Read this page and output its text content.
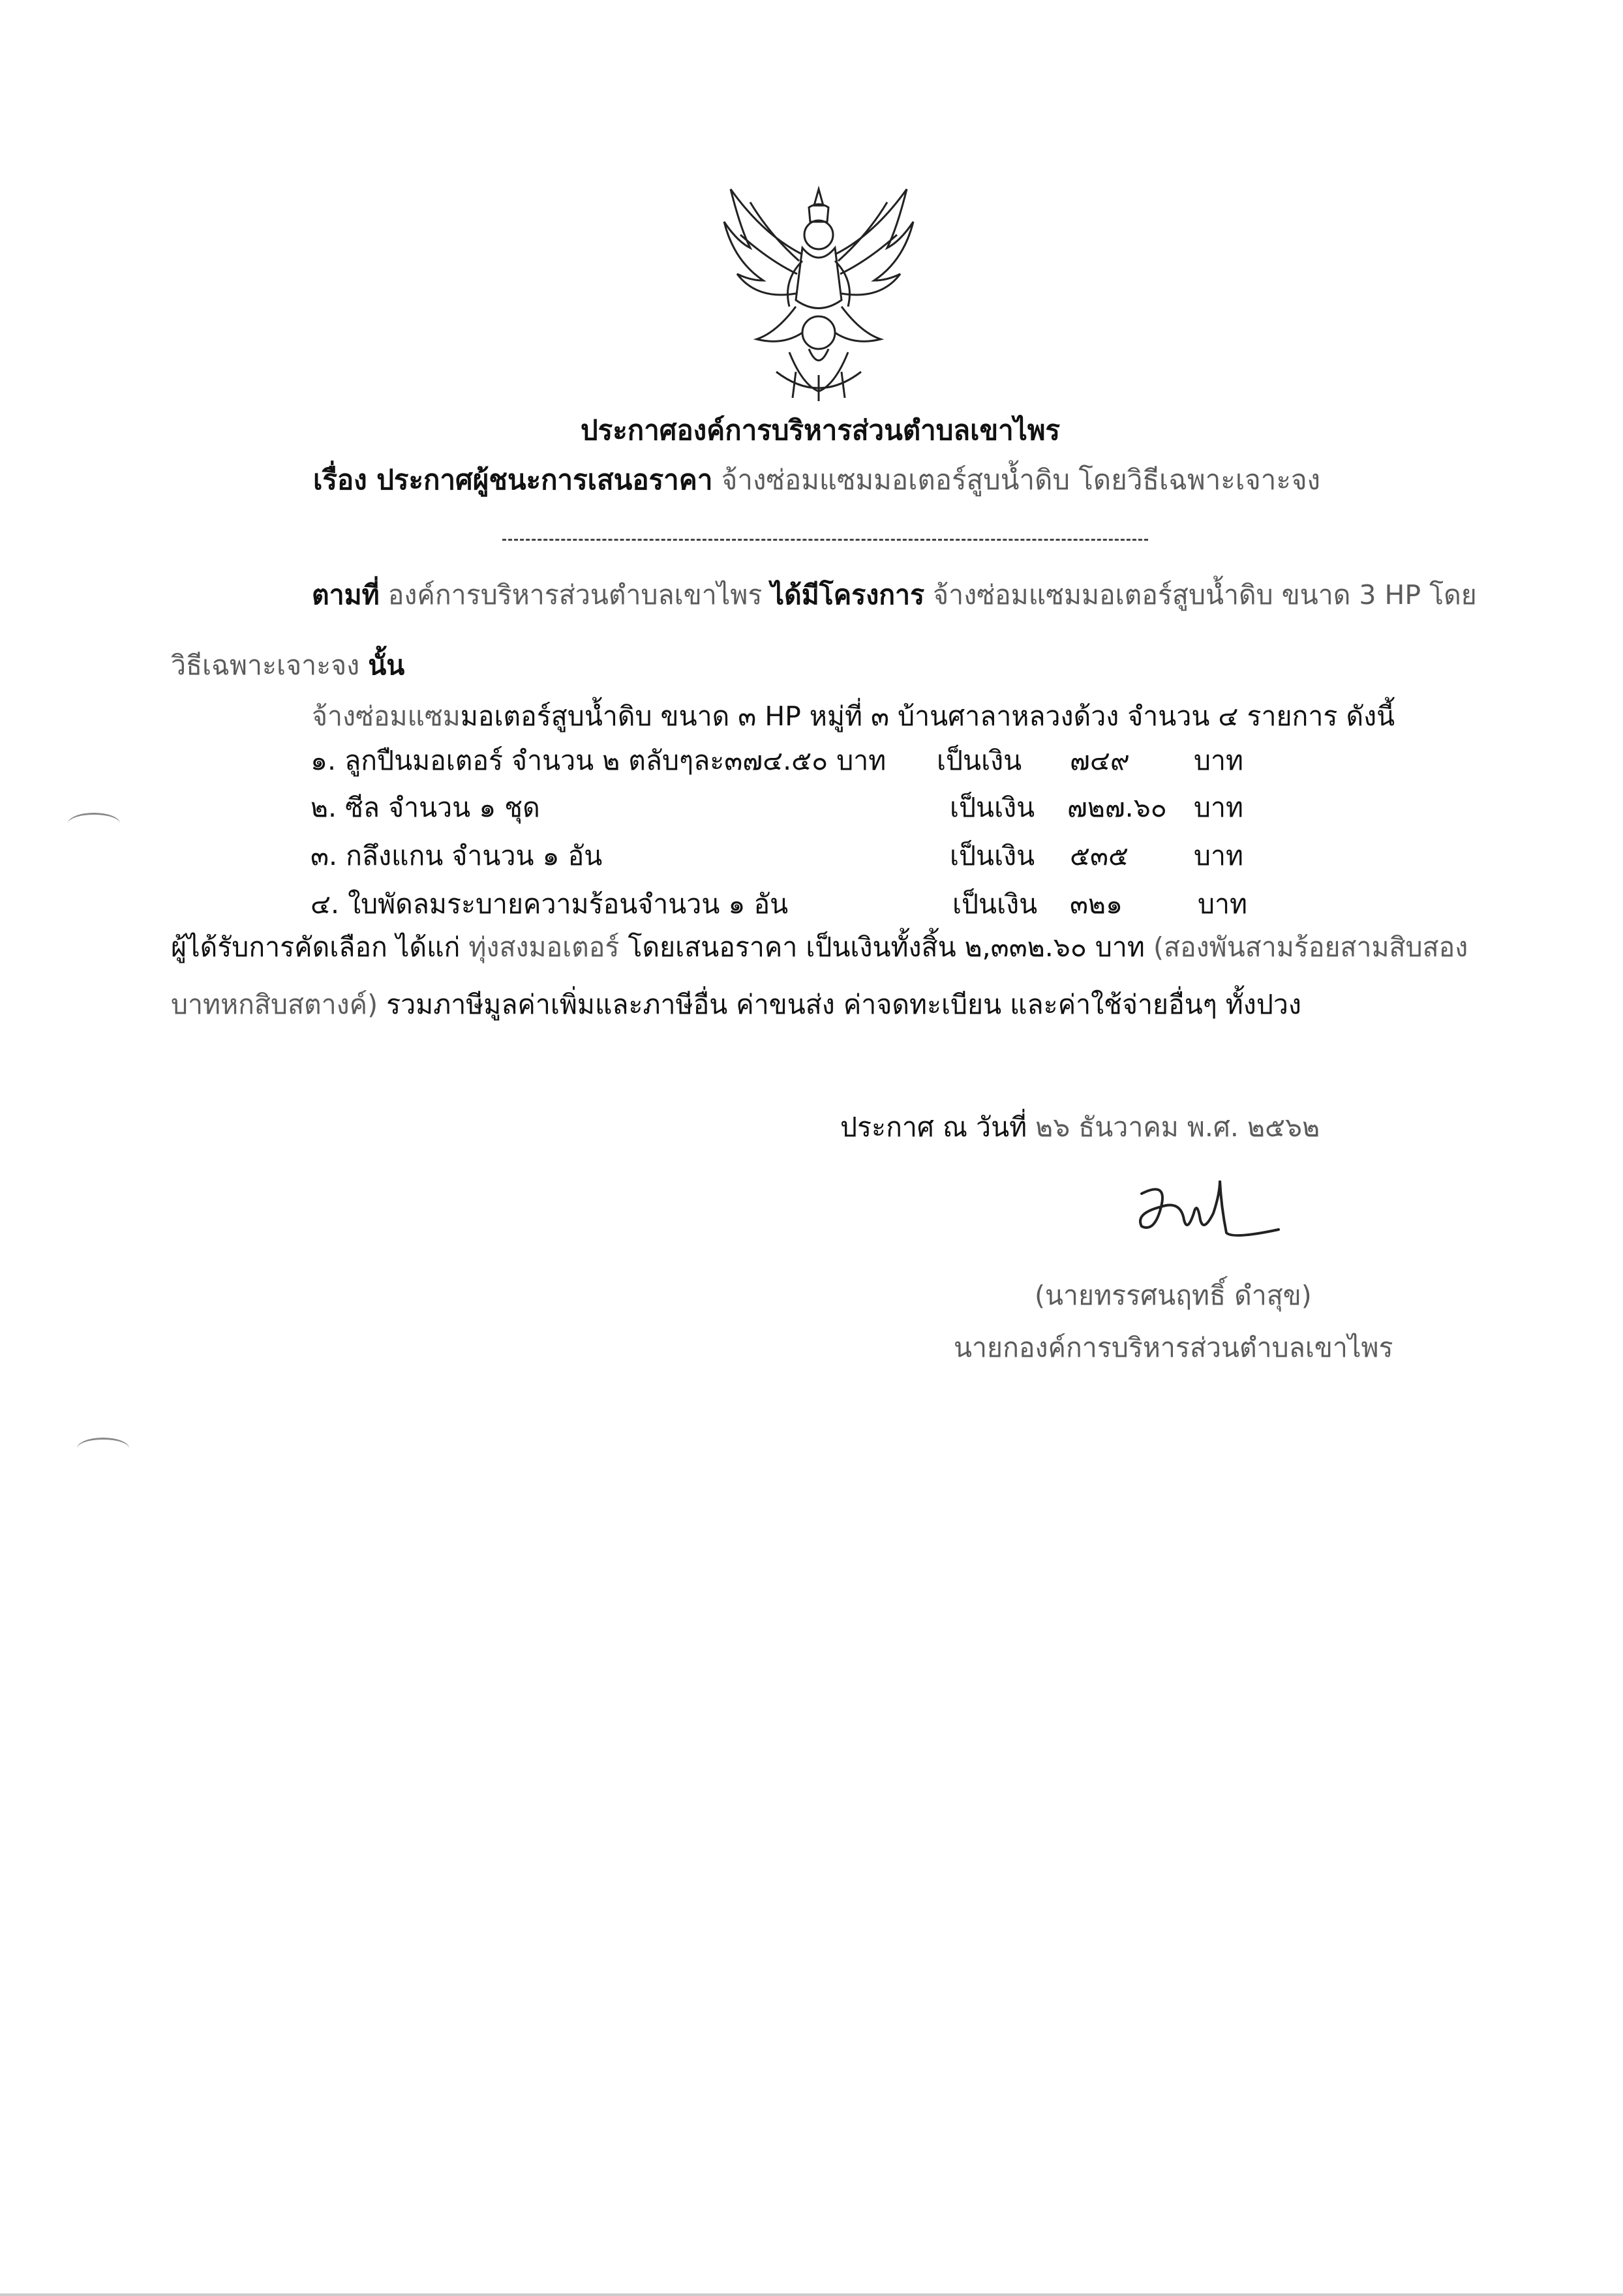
ประกาศองค์การบริหารส่วนตำบลเขาไพร
เรื่อง ประกาศผู้ชนะการเสนอราคา จ้างซ่อมแซมมอเตอร์สูบน้ำดิบ โดยวิธีเฉพาะเจาะจง
ตามที่ องค์การบริหารส่วนตำบลเขาไพร ได้มีโครงการ จ้างซ่อมแซมมอเตอร์สูบน้ำดิบ ขนาด 3 HP โดย
วิธีเฉพาะเจาะจง นั้น
จ้างซ่อมแซมมอเตอร์สูบน้ำดิบ ขนาด ๓ HP หมู่ที่ ๓ บ้านศาลาหลวงด้วง จำนวน ๔ รายการ ดังนี้
๑. ลูกปืนมอเตอร์ จำนวน ๒ ตลับๆละ๓๗๔.๕๐ บาท เป็นเงิน ๗๔๙ บาท
๒. ซีล จำนวน ๑ ชุด	เป็นเงิน ๗๒๗.๖๐ บาท
๓. กลึงแกน จำนวน ๑ อัน	เป็นเงิน ๕๓๕ บาท
๔. ใบพัดลมระบายความร้อนจำนวน ๑ อัน	เป็นเงิน ๓๒๑	บาท
ผู้ได้รับการคัดเลือก ได้แก่ ทุ่งสงมอเตอร์ โดยเสนอราคา เป็นเงินทั้งสิ้น ๒,๓๓๒.๖๐ บาท (สองพันสามร้อยสามสิบสอง
บาทหกสิบสตางค์) รวมภาษีมูลค่าเพิ่มและภาษีอื่น ค่าขนส่ง ค่าจดทะเบียน และค่าใช้จ่ายอื่นๆ ทั้งปวง
ประกาศ ณ วันที่ ๒๖ ธันวาคม พ.ศ. ๒๕๖๒
(นายทรรศนฤทธิ์ ดำสุข)
นายกองค์การบริหารส่วนตำบลเขาไพร
